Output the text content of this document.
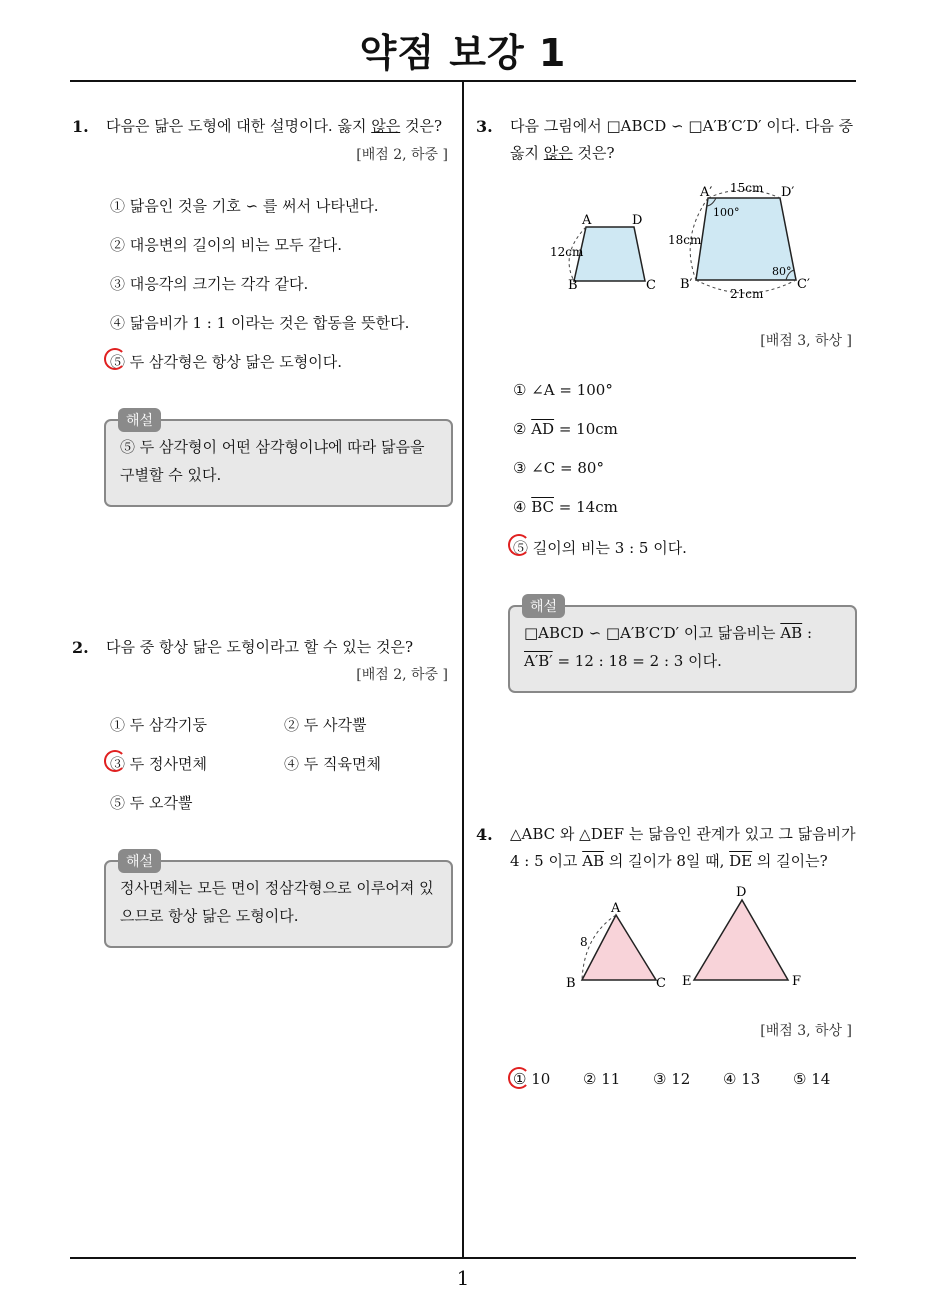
약점 보강 1
1
1. 다음은 닮은 도형에 대한 설명이다. 옳지 않은 것은?
[배점 2, 하중 ]
① 닮음인 것을 기호 ∽ 를 써서 나타낸다.
② 대응변의 길이의 비는 모두 같다.
③ 대응각의 크기는 각각 같다.
④ 닮음비가 1 : 1 이라는 것은 합동을 뜻한다.
⑤ 두 삼각형은 항상 닮은 도형이다.
⑤ 두 삼각형이 어떤 삼각형이냐에 따라 닮음을 구별할 수 있다.
해설
2. 다음 중 항상 닮은 도형이라고 할 수 있는 것은?
[배점 2, 하중 ]
① 두 삼각기둥	② 두 사각뿔
③ 두 정사면체	④ 두 직육면체
⑤ 두 오각뿔
정사면체는 모든 면이 정삼각형으로 이루어져 있으므로 항상 닮은 도형이다.
해설
3. 다음 그림에서 □ABCD ∽ □A′B′C′D′ 이다. 다음 중
옳지 않은 것은?
A	D
B	C
12cm
A′	D′
B′	C′
15cm
18cm
21cm
100°
80°
[배점 3, 하상 ]
① ∠A = 100°
② $\overline{AD} = 10cm$
③ ∠C = 80°
④ $\overline{BC} = 14cm$
⑤ 길이의 비는 3 : 5 이다.
□ABCD ∽ □A′B′C′D′ 이고 닮음비는 $\overline{AB}$ : A′B′ = 12 : 18 = 2 : 3 이다.
해설
4. △ABC 와 △DEF 는 닮음인 관계가 있고 그 닮음비가
4 : 5 이고 $\overline{AB}$ 의 길이가 8일 때, $\overline{DE}$ 의 길이는?
A
B	C
8
D
E	F
[배점 3, 하상 ]
① 10 ② 11 ③ 12 ④ 13 ⑤ 14
